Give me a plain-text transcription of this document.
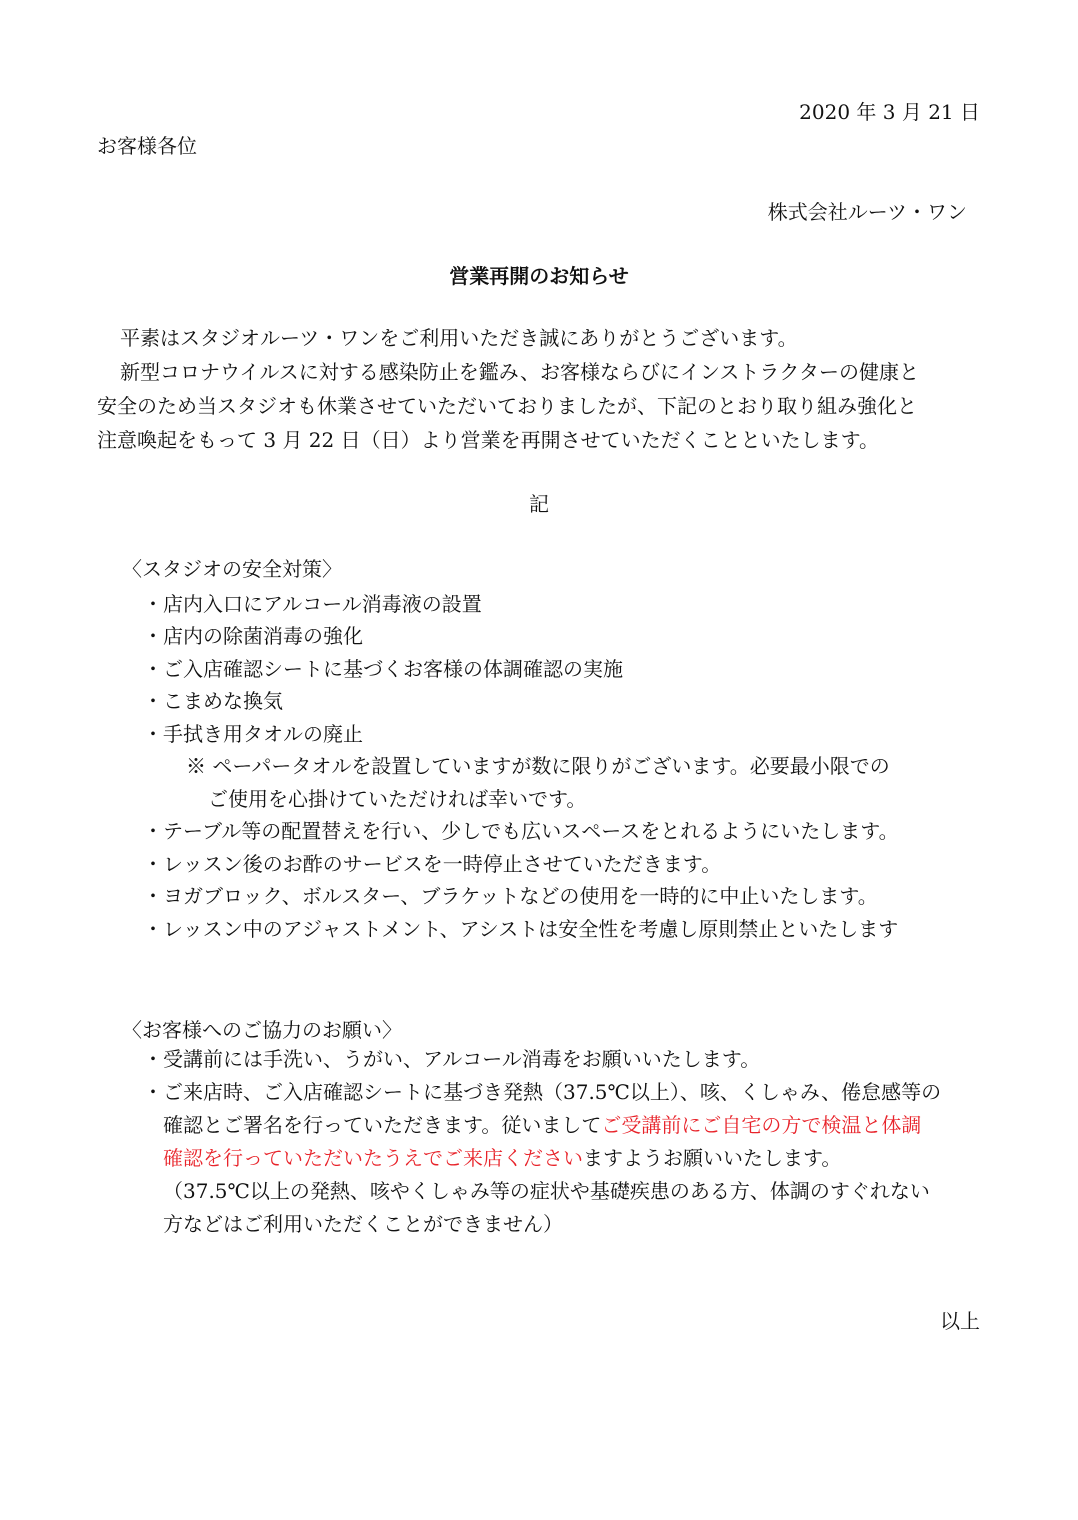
2020 年 3 月 21 日
お客様各位
株式会社ルーツ・ワン
営業再開のお知らせ
平素はスタジオルーツ・ワンをご利用いただき誠にありがとうございます。
新型コロナウイルスに対する感染防止を鑑み、お客様ならびにインストラクターの健康と
安全のため当スタジオも休業させていただいておりましたが、下記のとおり取り組み強化と
注意喚起をもって 3 月 22 日（日）より営業を再開させていただくことといたします。
記
〈スタジオの安全対策〉
・店内入口にアルコール消毒液の設置
・店内の除菌消毒の強化
・ご入店確認シートに基づくお客様の体調確認の実施
・こまめな換気
・手拭き用タオルの廃止
※ ペーパータオルを設置していますが数に限りがございます。必要最小限での
ご使用を心掛けていただければ幸いです。
・テーブル等の配置替えを行い、少しでも広いスペースをとれるようにいたします。
・レッスン後のお酢のサービスを一時停止させていただきます。
・ヨガブロック、ボルスター、ブラケットなどの使用を一時的に中止いたします。
・レッスン中のアジャストメント、アシストは安全性を考慮し原則禁止といたします
〈お客様へのご協力のお願い〉
・受講前には手洗い、うがい、アルコール消毒をお願いいたします。
・ご来店時、ご入店確認シートに基づき発熱（37.5℃以上）、咳、くしゃみ、倦怠感等の
確認とご署名を行っていただきます。従いましてご受講前にご自宅の方で検温と体調
確認を行っていただいたうえでご来店くださいますようお願いいたします。
（37.5℃以上の発熱、咳やくしゃみ等の症状や基礎疾患のある方、体調のすぐれない
方などはご利用いただくことができません）
以上
